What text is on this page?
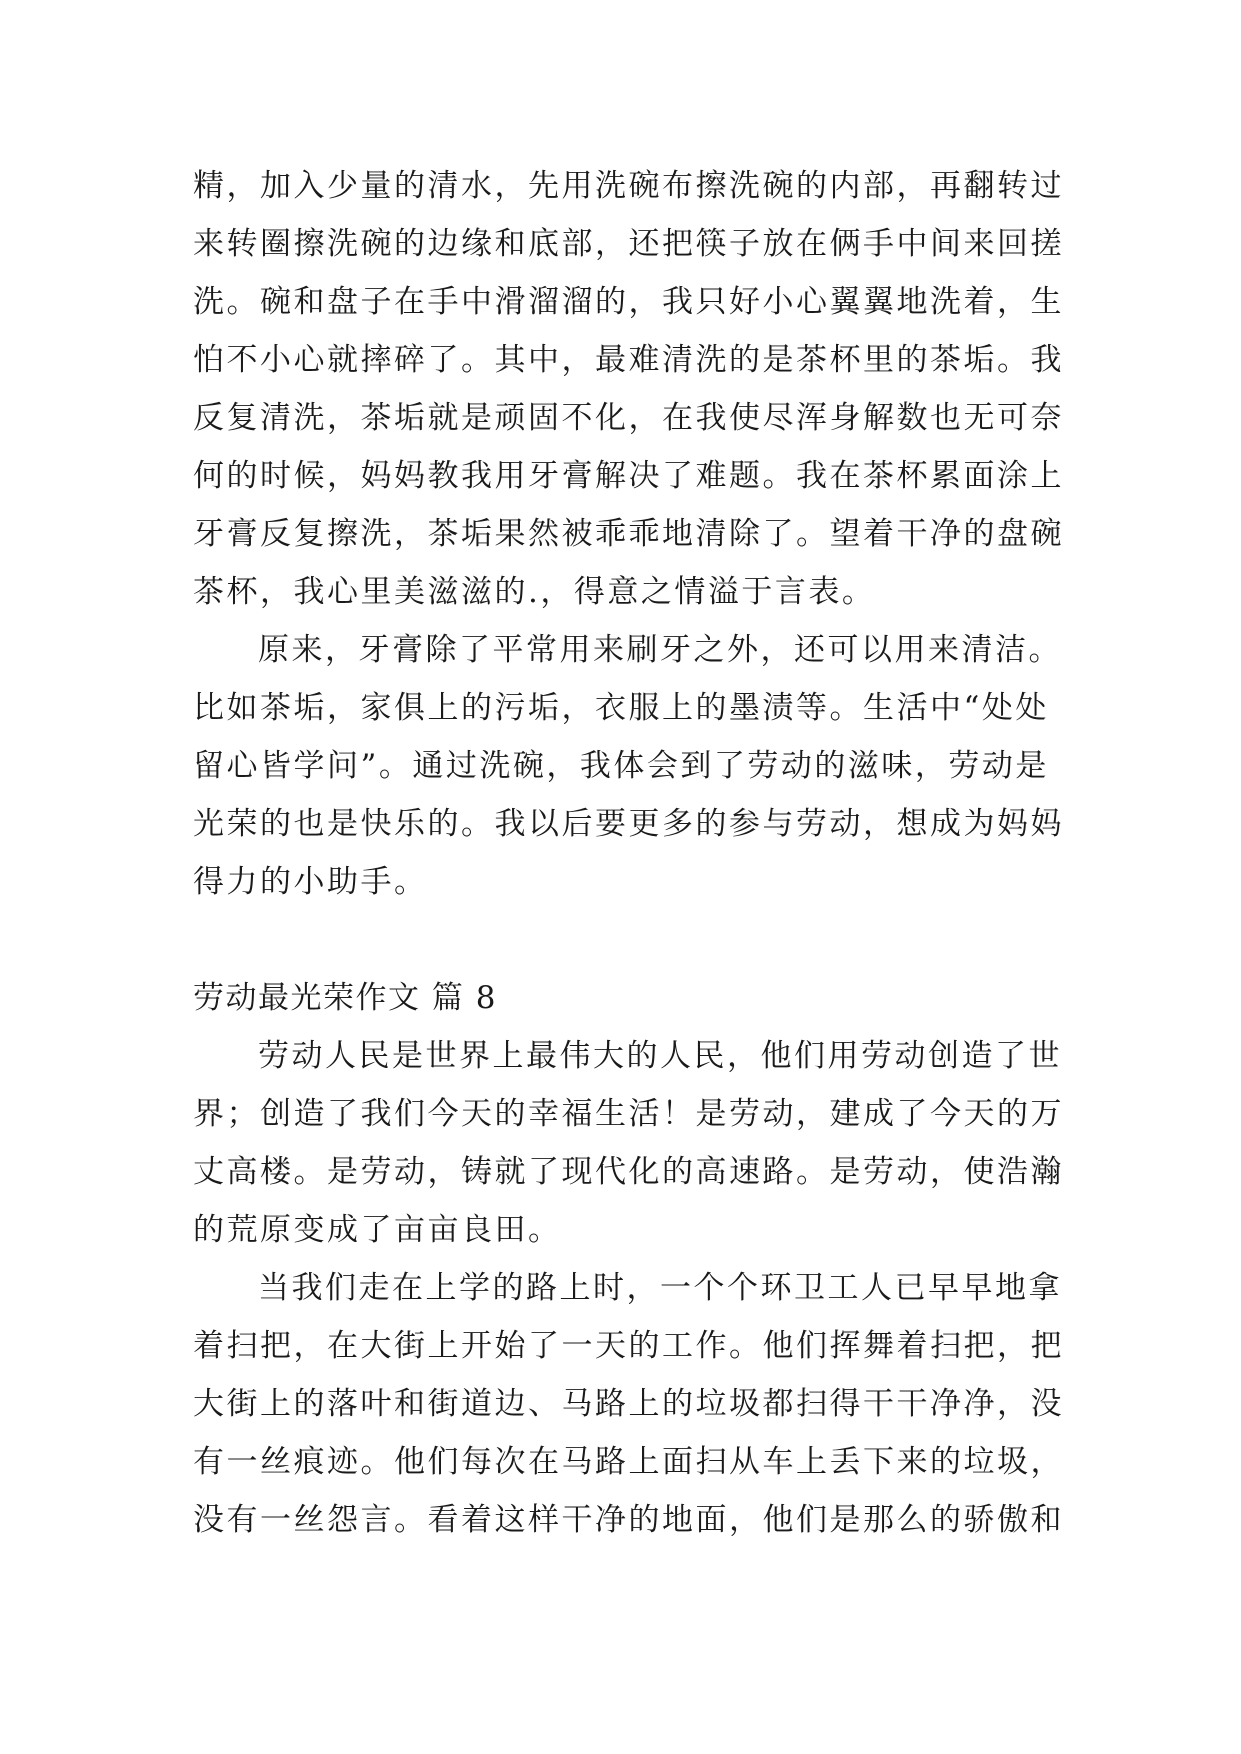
精，加入少量的清水，先用洗碗布擦洗碗的内部，再翻转过
来转圈擦洗碗的边缘和底部，还把筷子放在俩手中间来回搓
洗。碗和盘子在手中滑溜溜的，我只好小心翼翼地洗着，生
怕不小心就摔碎了。其中，最难清洗的是茶杯里的茶垢。我
反复清洗，茶垢就是顽固不化，在我使尽浑身解数也无可奈
何的时候，妈妈教我用牙膏解决了难题。我在茶杯累面涂上
牙膏反复擦洗，茶垢果然被乖乖地清除了。望着干净的盘碗
茶杯，我心里美滋滋的.，得意之情溢于言表。
原来，牙膏除了平常用来刷牙之外，还可以用来清洁。
比如茶垢，家俱上的污垢，衣服上的墨渍等。生活中“处处
留心皆学问”。通过洗碗，我体会到了劳动的滋味，劳动是
光荣的也是快乐的。我以后要更多的参与劳动，想成为妈妈
得力的小助手。
劳动最光荣作文 篇 8
劳动人民是世界上最伟大的人民，他们用劳动创造了世
界；创造了我们今天的幸福生活！是劳动，建成了今天的万
丈高楼。是劳动，铸就了现代化的高速路。是劳动，使浩瀚
的荒原变成了亩亩良田。
当我们走在上学的路上时，一个个环卫工人已早早地拿
着扫把，在大街上开始了一天的工作。他们挥舞着扫把，把
大街上的落叶和街道边、马路上的垃圾都扫得干干净净，没
有一丝痕迹。他们每次在马路上面扫从车上丢下来的垃圾，
没有一丝怨言。看着这样干净的地面，他们是那么的骄傲和
